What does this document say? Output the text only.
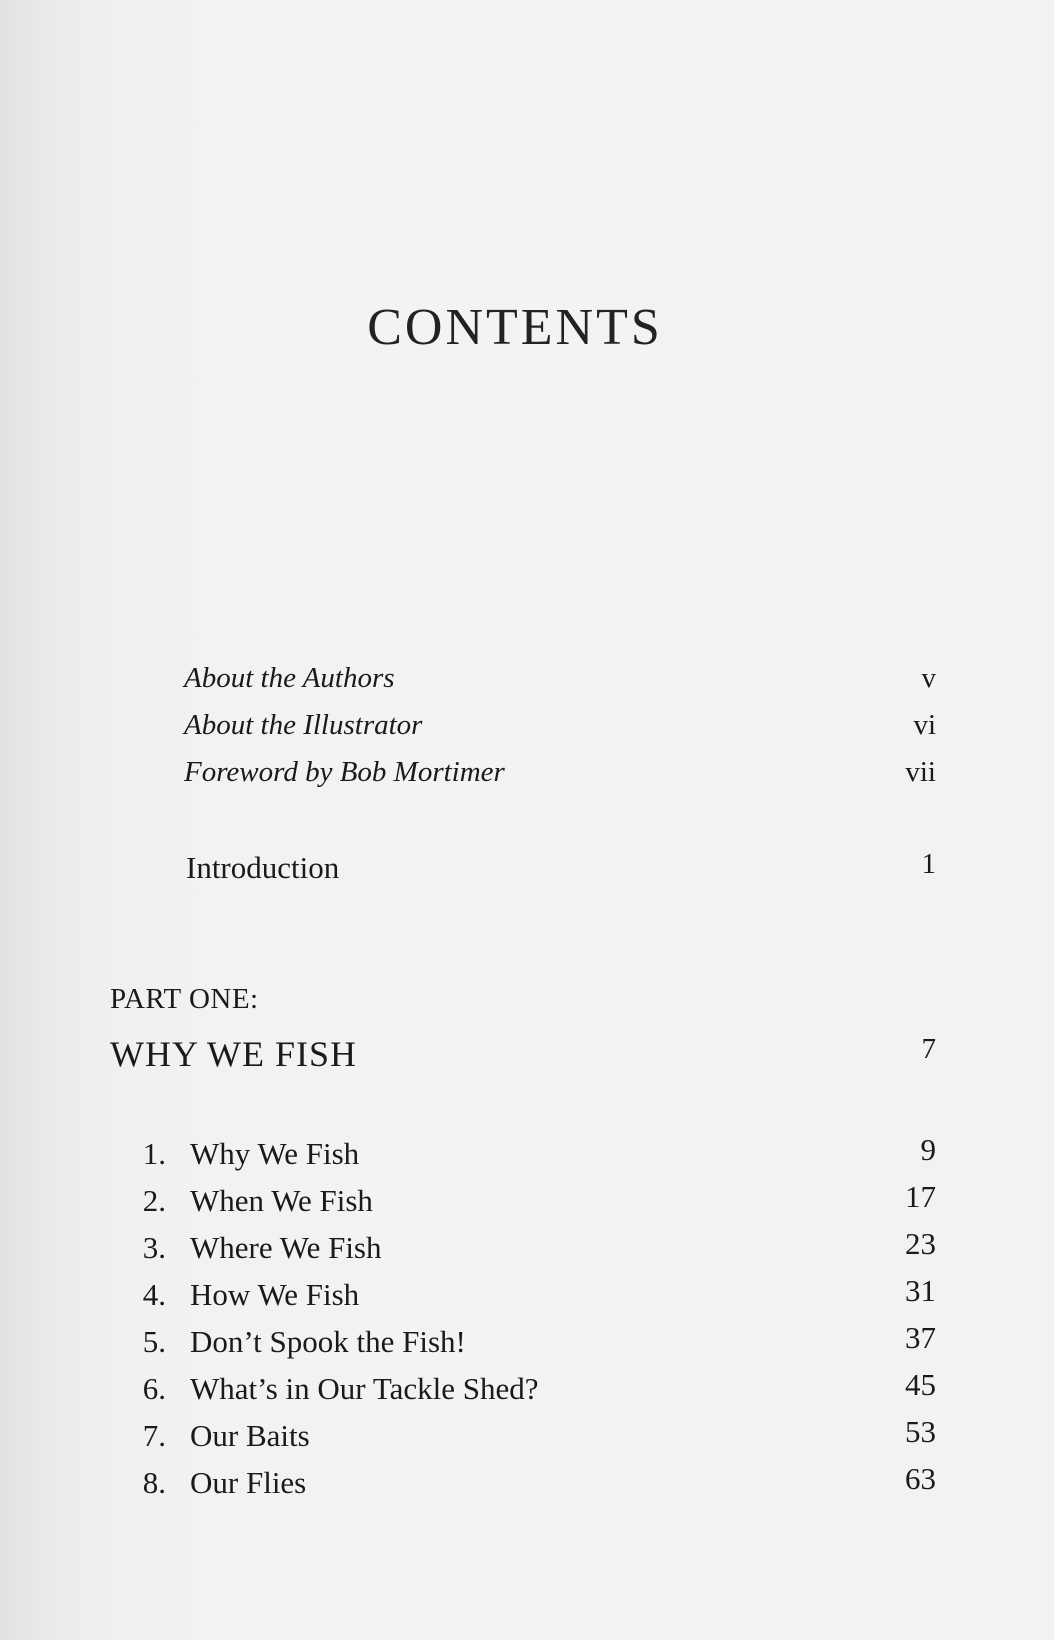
CONTENTS
About the Authors	v
About the Illustrator	vi
Foreword by Bob Mortimer	vii
Introduction	1
PART ONE:
WHY WE FISH	7
1. Why We Fish	9
2. When We Fish	17
3. Where We Fish	23
4. How We Fish	31
5. Don’t Spook the Fish!	37
6. What’s in Our Tackle Shed?	45
7. Our Baits	53
8. Our Flies	63
